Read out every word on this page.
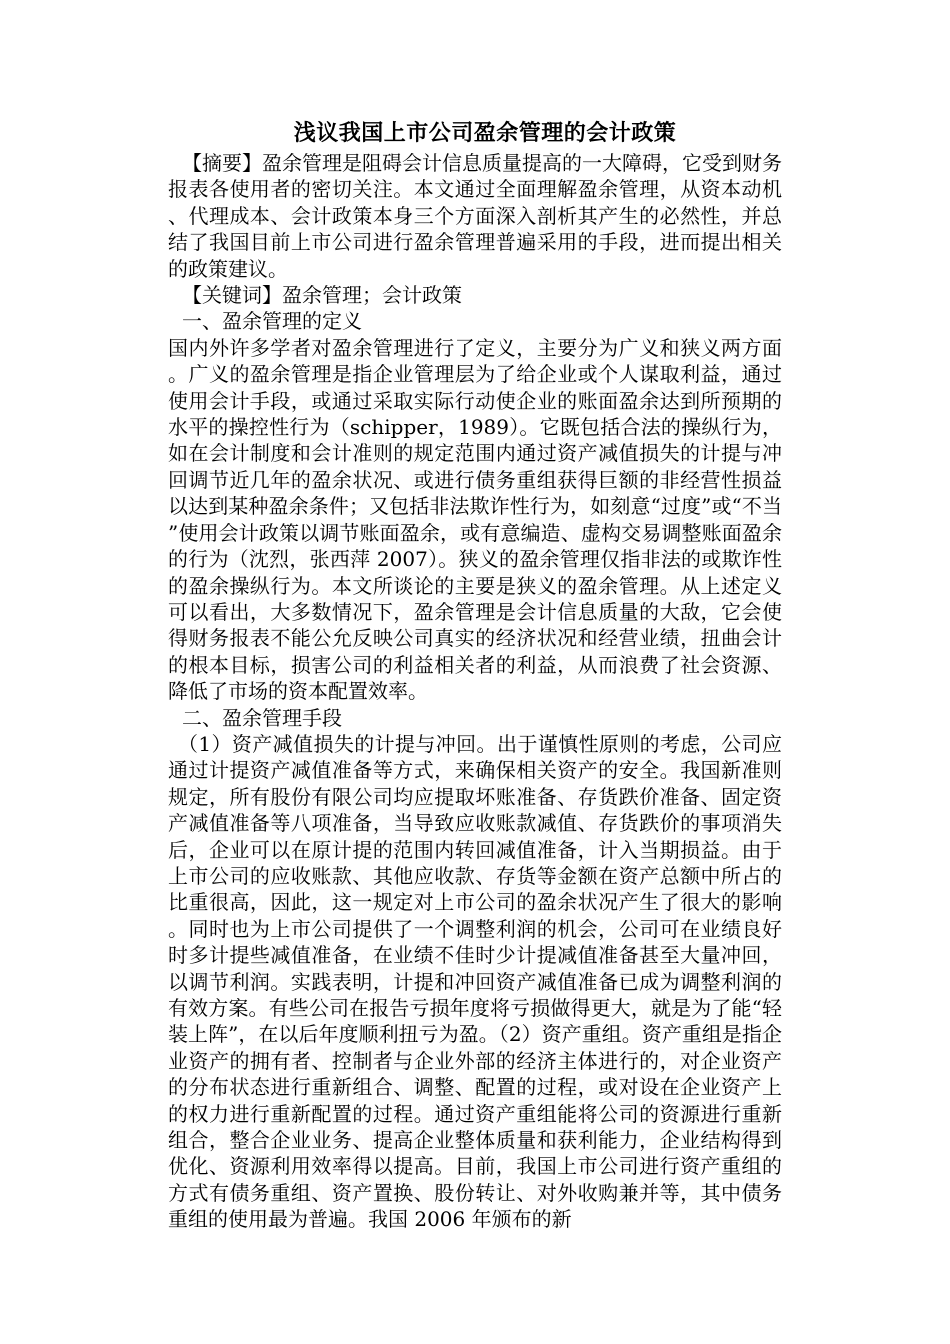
浅议我国上市公司盈余管理的会计政策

【摘要】盈余管理是阻碍会计信息质量提高的一大障碍，它受到财务报表各使用者的密切关注。本文通过全面理解盈余管理，从资本动机、代理成本、会计政策本身三个方面深入剖析其产生的必然性，并总结了我国目前上市公司进行盈余管理普遍采用的手段，进而提出相关的政策建议。

【关键词】盈余管理；会计政策

一、盈余管理的定义

国内外许多学者对盈余管理进行了定义，主要分为广义和狭义两方面。广义的盈余管理是指企业管理层为了给企业或个人谋取利益，通过使用会计手段，或通过采取实际行动使企业的账面盈余达到所预期的水平的操控性行为（schipper，1989）。它既包括合法的操纵行为，如在会计制度和会计准则的规定范围内通过资产减值损失的计提与冲回调节近几年的盈余状况、或进行债务重组获得巨额的非经营性损益以达到某种盈余条件；又包括非法欺诈性行为，如刻意“过度”或“不当”使用会计政策以调节账面盈余，或有意编造、虚构交易调整账面盈余的行为（沈烈，张西萍 2007）。狭义的盈余管理仅指非法的或欺诈性的盈余操纵行为。本文所谈论的主要是狭义的盈余管理。从上述定义可以看出，大多数情况下，盈余管理是会计信息质量的大敌，它会使得财务报表不能公允反映公司真实的经济状况和经营业绩，扭曲会计的根本目标，损害公司的利益相关者的利益，从而浪费了社会资源、降低了市场的资本配置效率。

二、盈余管理手段

（1）资产减值损失的计提与冲回。出于谨慎性原则的考虑，公司应通过计提资产减值准备等方式，来确保相关资产的安全。我国新准则规定，所有股份有限公司均应提取坏账准备、存货跌价准备、固定资产减值准备等八项准备，当导致应收账款减值、存货跌价的事项消失后，企业可以在原计提的范围内转回减值准备，计入当期损益。由于上市公司的应收账款、其他应收款、存货等金额在资产总额中所占的比重很高，因此，这一规定对上市公司的盈余状况产生了很大的影响。同时也为上市公司提供了一个调整利润的机会，公司可在业绩良好时多计提些减值准备，在业绩不佳时少计提减值准备甚至大量冲回，以调节利润。实践表明，计提和冲回资产减值准备已成为调整利润的有效方案。有些公司在报告亏损年度将亏损做得更大，就是为了能“轻装上阵”，在以后年度顺利扭亏为盈。（2）资产重组。资产重组是指企业资产的拥有者、控制者与企业外部的经济主体进行的，对企业资产的分布状态进行重新组合、调整、配置的过程，或对设在企业资产上的权力进行重新配置的过程。通过资产重组能将公司的资源进行重新组合，整合企业业务、提高企业整体质量和获利能力，企业结构得到优化、资源利用效率得以提高。目前，我国上市公司进行资产重组的方式有债务重组、资产置换、股份转让、对外收购兼并等，其中债务重组的使用最为普遍。我国 2006 年颁布的新
